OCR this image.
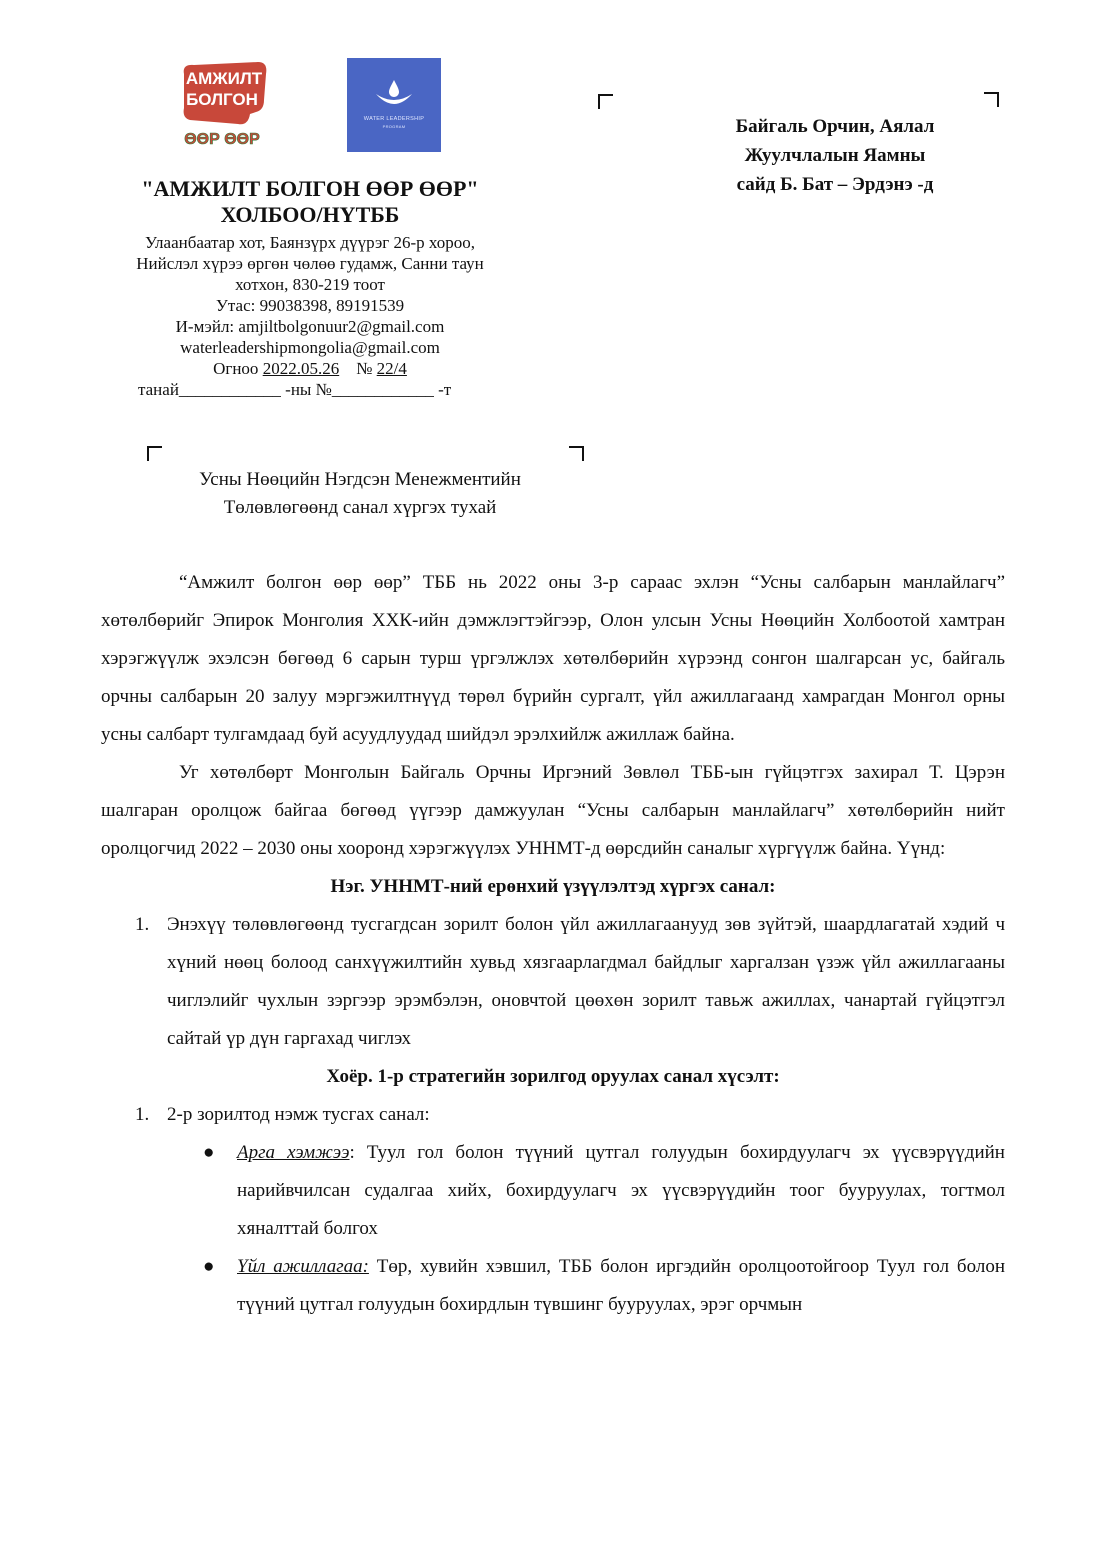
АМЖИЛТ
БОЛГОН
ӨӨР ӨӨР
WATER LEADERSHIP
PROGRAM
"АМЖИЛТ БОЛГОН ӨӨР ӨӨР"
ХОЛБОО/НҮТББ
Улаанбаатар хот, Баянзүрх дүүрэг 26-р хороо,
Нийслэл хүрээ өргөн чөлөө гудамж, Санни таун
хотхон, 830-219 тоот
Утас: 99038398, 89191539
И-мэйл: amjiltbolgonuur2@gmail.com
waterleadershipmongolia@gmail.com
Огноо 2022.05.26 № 22/4
танай____________ -ны №____________ -т
Байгаль Орчин, Аялал
Жуулчлалын Яамны
сайд Б. Бат – Эрдэнэ -д
Усны Нөөцийн Нэгдсэн Менежментийн
Төлөвлөгөөнд санал хүргэх тухай

“Амжилт болгон өөр өөр” ТББ нь 2022 оны 3-р сараас эхлэн “Усны салбарын манлайлагч” хөтөлбөрийг Эпирок Монголия ХХК-ийн дэмжлэгтэйгээр, Олон улсын Усны Нөөцийн Холбоотой хамтран хэрэгжүүлж эхэлсэн бөгөөд 6 сарын турш үргэлжлэх хөтөлбөрийн хүрээнд сонгон шалгарсан ус, байгаль орчны салбарын 20 залуу мэргэжилтнүүд төрөл бүрийн сургалт, үйл ажиллагаанд хамрагдан Монгол орны усны салбарт тулгамдаад буй асуудлуудад шийдэл эрэлхийлж ажиллаж байна.

Уг хөтөлбөрт Монголын Байгаль Орчны Иргэний Зөвлөл ТББ-ын гүйцэтгэх захирал Т. Цэрэн шалгаран оролцож байгаа бөгөөд үүгээр дамжуулан “Усны салбарын манлайлагч” хөтөлбөрийн нийт оролцогчид 2022 – 2030 оны хооронд хэрэгжүүлэх УННМТ-д өөрсдийн саналыг хүргүүлж байна. Үүнд:

Нэг. УННМТ-ний ерөнхий үзүүлэлтэд хүргэх санал:

1. Энэхүү төлөвлөгөөнд тусгагдсан зорилт болон үйл ажиллагаанууд зөв зүйтэй, шаардлагатай хэдий ч хүний нөөц болоод санхүүжилтийн хувьд хязгаарлагдмал байдлыг харгалзан үзэж үйл ажиллагааны чиглэлийг чухлын зэргээр эрэмбэлэн, оновчтой цөөхөн зорилт тавьж ажиллах, чанартай гүйцэтгэл сайтай үр дүн гаргахад чиглэх

Хоёр. 1-р стратегийн зорилгод оруулах санал хүсэлт:

1. 2-р зорилтод нэмж тусгах санал:
●	Арга хэмжээ: Туул гол болон түүний цутгал голуудын бохирдуулагч эх үүсвэрүүдийн нарийвчилсан судалгаа хийх, бохирдуулагч эх үүсвэрүүдийн тоог бууруулах, тогтмол хяналттай болгох
●	Үйл ажиллагаа: Төр, хувийн хэвшил, ТББ болон иргэдийн оролцоотойгоор Туул гол болон түүний цутгал голуудын бохирдлын түвшинг бууруулах, эрэг орчмын
